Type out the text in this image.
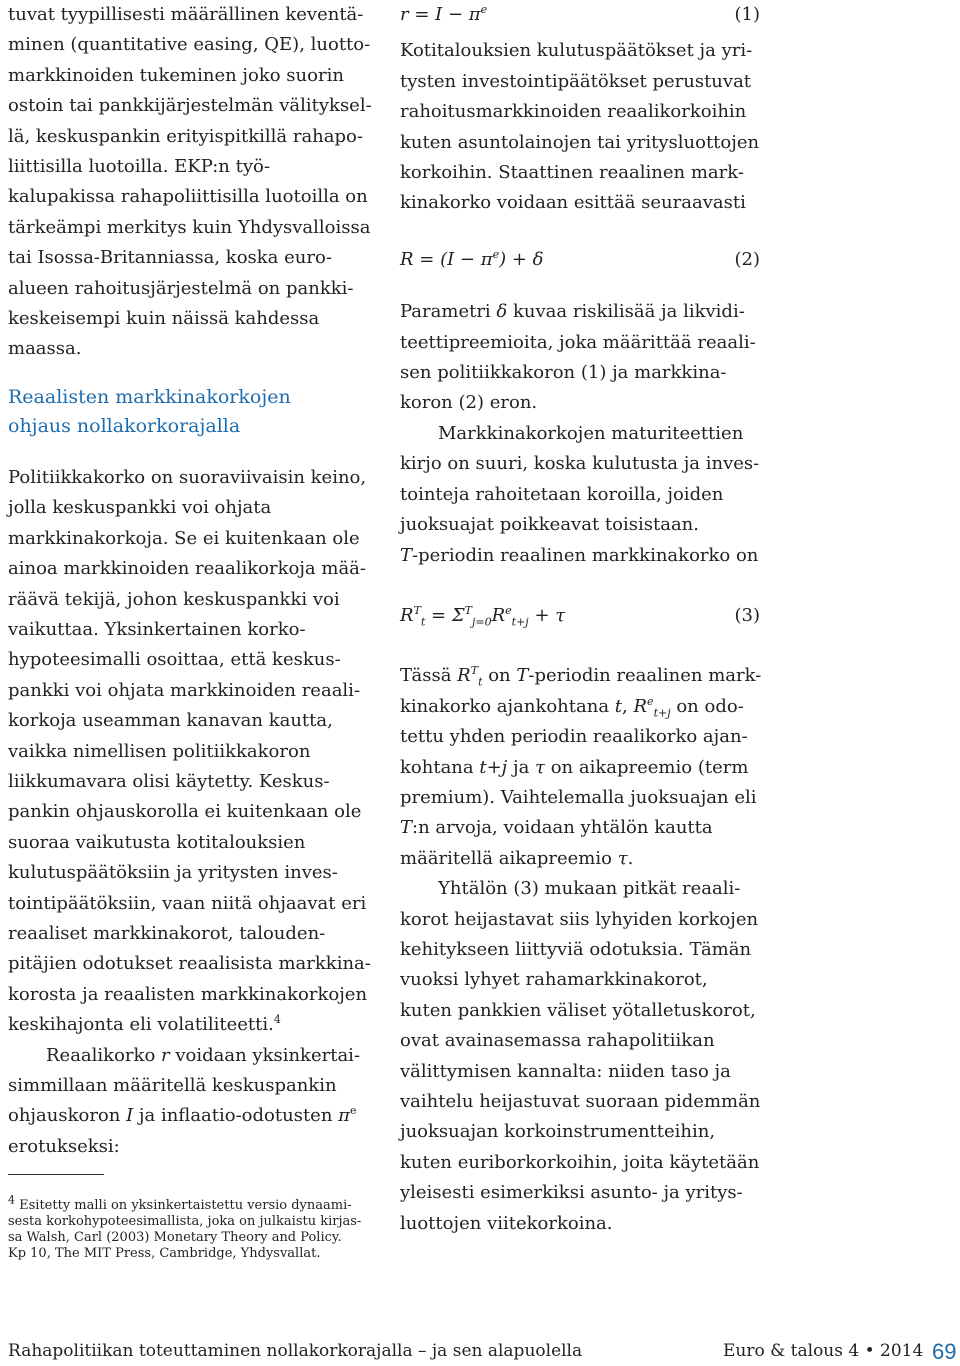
tuvat tyypillisesti määrällinen keventä-
minen (quantitative easing, QE), luotto-
markkinoiden tukeminen joko suorin
ostoin tai pankkijärjestelmän välityksel-
lä, keskuspankin erityispitkillä rahapo-
liittisilla luotoilla. EKP:n työ-
kalupakissa rahapoliittisilla luotoilla on
tärkeämpi merkitys kuin Yhdysvalloissa
tai Isossa-Britanniassa, koska euro-
alueen rahoitusjärjestelmä on pankki-
keskeisempi kuin näissä kahdessa
maassa.
Reaalisten markkinakorkojen
ohjaus nollakorkorajalla
Politiikkakorko on suoraviivaisin keino,
jolla keskuspankki voi ohjata
markkinakorkoja. Se ei kuitenkaan ole
ainoa markkinoiden reaalikorkoja mää-
räävä tekijä, johon keskuspankki voi
vaikuttaa. Yksinkertainen korko-
hypoteesimalli osoittaa, että keskus-
pankki voi ohjata markkinoiden reaali-
korkoja useamman kanavan kautta,
vaikka nimellisen politiikkakoron
liikkumavara olisi käytetty. Keskus-
pankin ohjauskorolla ei kuitenkaan ole
suoraa vaikutusta kotitalouksien
kulutuspäätöksiin ja yritysten inves-
tointipäätöksiin, vaan niitä ohjaavat eri
reaaliset markkinakorot, talouden-
pitäjien odotukset reaalisista markkina-
korosta ja reaalisten markkinakorkojen
keskihajonta eli volatiliteetti.$^4$
Reaalikorko r voidaan yksinkertai-
simmillaan määritellä keskuspankin
ohjauskoron I ja inflaatio-odotusten $\pi^e$
erotukseksi:
$^4$ Esitetty malli on yksinkertaistettu versio dynaami-
sesta korkohypoteesimallista, joka on julkaistu kirjas-
sa Walsh, Carl (2003) Monetary Theory and Policy.
Kp 10, The MIT Press, Cambridge, Yhdysvallat.
$r = I - \pi^e$	(1)
Kotitalouksien kulutuspäätökset ja yri-
tysten investointipäätökset perustuvat
rahoitusmarkkinoiden reaalikorkoihin
kuten asuntolainojen tai yritysluottojen
korkoihin. Staattinen reaalinen mark-
kinakorko voidaan esittää seuraavasti
$R = (I - \pi^e) + \delta$	(2)
Parametri δ kuvaa riskilisää ja likvidi-
teettipreemioita, joka määrittää reaali-
sen politiikkakoron (1) ja markkina-
koron (2) eron.
Markkinakorkojen maturiteettien
kirjo on suuri, koska kulutusta ja inves-
tointeja rahoitetaan koroilla, joiden
juoksuajat poikkeavat toisistaan.
T-periodin reaalinen markkinakorko on
$R^T_t = \Sigma^T_{j=0}R^e_{t+j} + \tau$	(3)
Tässä $R^T_t$ on T-periodin reaalinen mark-
kinakorko ajankohtana t, $R^e_{t+j}$ on odo-
tettu yhden periodin reaalikorko ajan-
kohtana t+j ja τ on aikapreemio (term
premium). Vaihtelemalla juoksuajan eli
T:n arvoja, voidaan yhtälön kautta
määritellä aikapreemio τ.
Yhtälön (3) mukaan pitkät reaali-
korot heijastavat siis lyhyiden korkojen
kehitykseen liittyviä odotuksia. Tämän
vuoksi lyhyet rahamarkkinakorot,
kuten pankkien väliset yötalletuskorot,
ovat avainasemassa rahapolitiikan
välittymisen kannalta: niiden taso ja
vaihtelu heijastuvat suoraan pidemmän
juoksuajan korkoinstrumentteihin,
kuten euriborkorkoihin, joita käytetään
yleisesti esimerkiksi asunto- ja yritys-
luottojen viitekorkoina.
Rahapolitiikan toteuttaminen nollakorkorajalla – ja sen alapuolella	Euro & talous 4 • 2014 69
